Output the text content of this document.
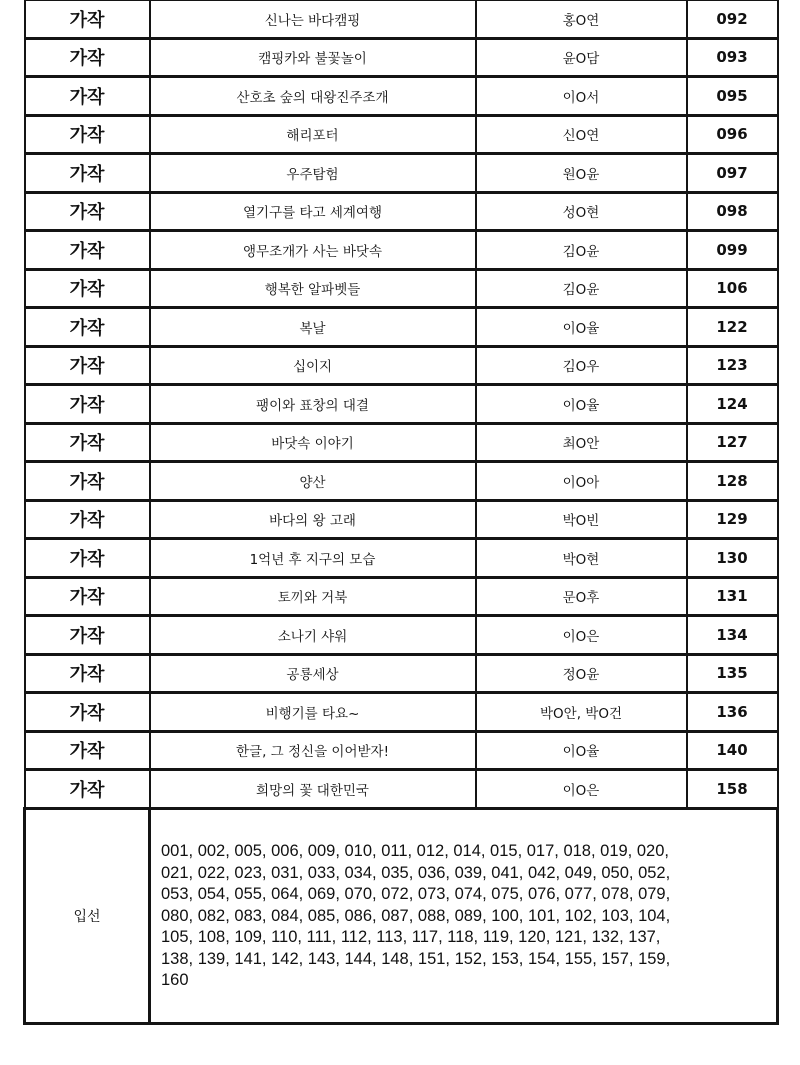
가작	신나는 바다캠핑	홍O연	092
가작	캠핑카와 불꽃놀이	윤O담	093
가작	산호초 숲의 대왕진주조개	이O서	095
가작	해리포터	신O연	096
가작	우주탐험	원O윤	097
가작	열기구를 타고 세계여행	성O현	098
가작	앵무조개가 사는 바닷속	김O윤	099
가작	행복한 알파벳들	김O윤	106
가작	복날	이O율	122
가작	십이지	김O우	123
가작	팽이와 표창의 대결	이O율	124
가작	바닷속 이야기	최O안	127
가작	양산	이O아	128
가작	바다의 왕 고래	박O빈	129
가작	1억년 후 지구의 모습	박O현	130
가작	토끼와 거북	문O후	131
가작	소나기 샤워	이O은	134
가작	공룡세상	정O윤	135
가작	비행기를 타요~	박O안, 박O건	136
가작	한글, 그 정신을 이어받자!	이O율	140
가작	희망의 꽃 대한민국	이O은	158
입선	001, 002, 005, 006, 009, 010, 011, 012, 014, 015, 017, 018, 019, 020, 021, 022, 023, 031, 033, 034, 035, 036, 039, 041, 042, 049, 050, 052, 053, 054, 055, 064, 069, 070, 072, 073, 074, 075, 076, 077, 078, 079, 080, 082, 083, 084, 085, 086, 087, 088, 089, 100, 101, 102, 103, 104, 105, 108, 109, 110, 111, 112, 113, 117, 118, 119, 120, 121, 132, 137, 138, 139, 141, 142, 143, 144, 148, 151, 152, 153, 154, 155, 157, 159, 160		
